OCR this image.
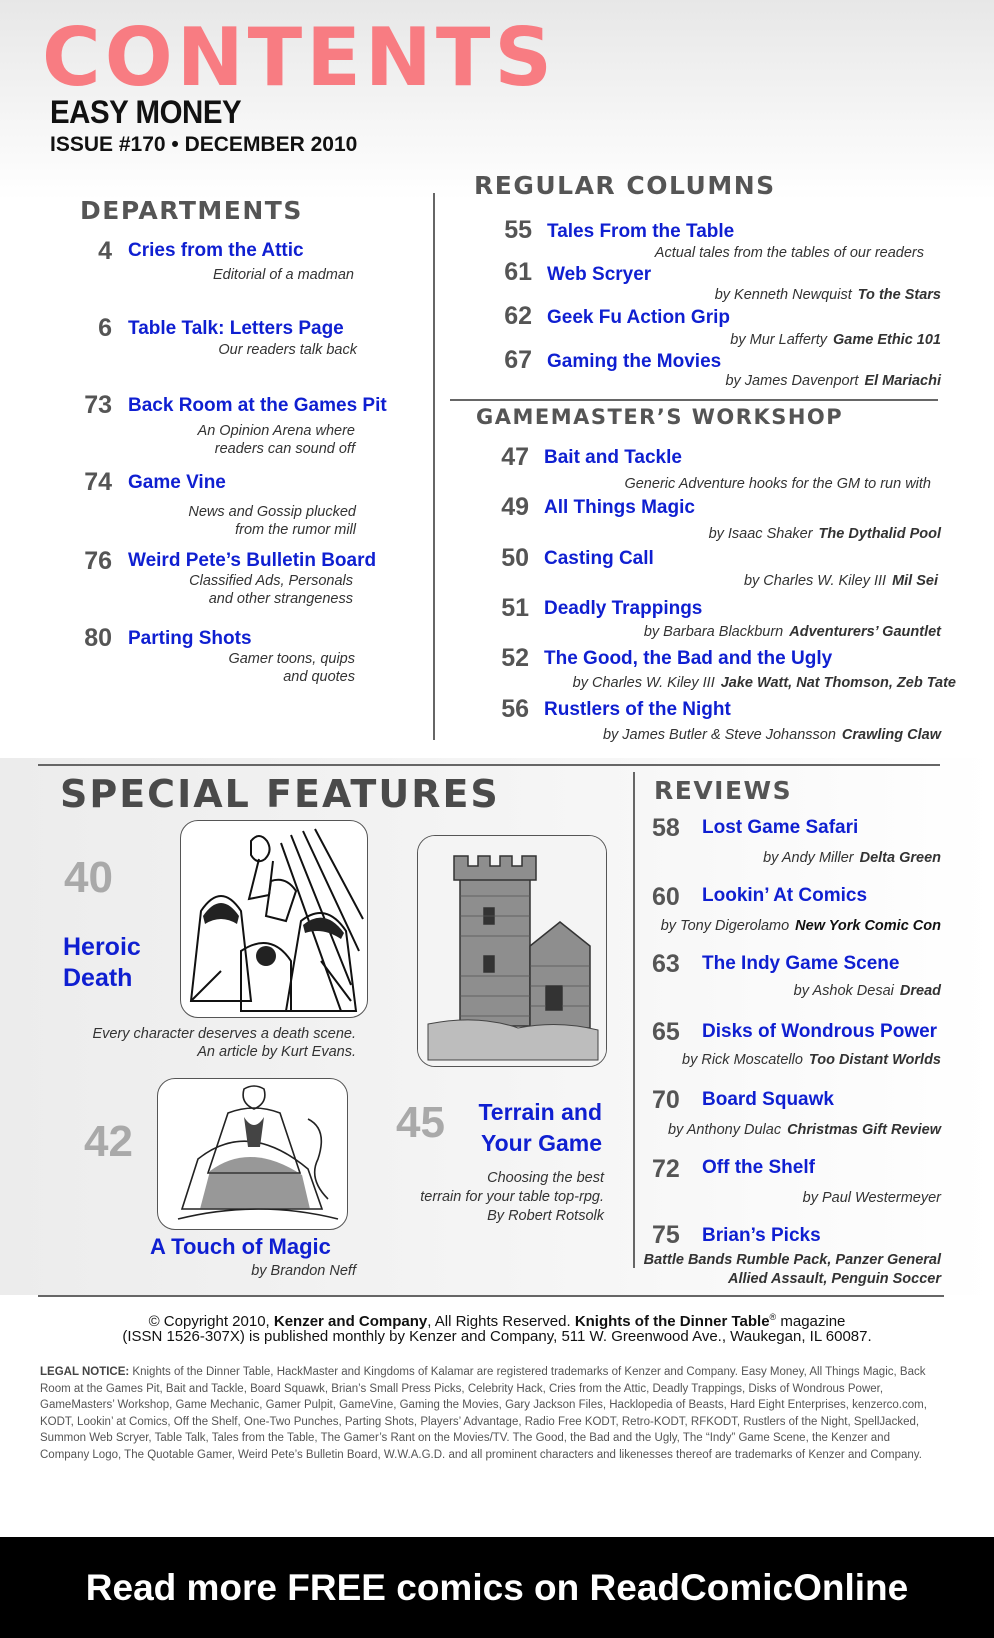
CONTENTS
EASY MONEY
ISSUE #170 • DECEMBER 2010
DEPARTMENTS
4 Cries from the Attic
Editorial of a madman
6 Table Talk: Letters Page
Our readers talk back
73 Back Room at the Games Pit
An Opinion Arena where
readers can sound off
74 Game Vine
News and Gossip plucked
from the rumor mill
76 Weird Pete’s Bulletin Board
Classified Ads, Personals
and other strangeness
80 Parting Shots
Gamer toons, quips
and quotes
REGULAR COLUMNS
55 Tales From the Table
Actual tales from the tables of our readers
61 Web Scryer
by Kenneth Newquist To the Stars
62 Geek Fu Action Grip
by Mur Lafferty Game Ethic 101
67 Gaming the Movies
by James Davenport El Mariachi
GAMEMASTER’S WORKSHOP
47 Bait and Tackle
Generic Adventure hooks for the GM to run with
49 All Things Magic
by Isaac Shaker The Dythalid Pool
50 Casting Call
by Charles W. Kiley III Mil Sei
51 Deadly Trappings
by Barbara Blackburn Adventurers’ Gauntlet
52 The Good, the Bad and the Ugly
by Charles W. Kiley III Jake Watt, Nat Thomson, Zeb Tate
56 Rustlers of the Night
by James Butler & Steve Johansson Crawling Claw
SPECIAL FEATURES
40
Heroic
Death
Every character deserves a death scene.
An article by Kurt Evans.
42
A Touch of Magic
by Brandon Neff
45 Terrain and
Your Game
Choosing the best
terrain for your table top-rpg.
By Robert Rotsolk
REVIEWS
58 Lost Game Safari
by Andy Miller Delta Green
60 Lookin’ At Comics
by Tony Digerolamo New York Comic Con
63 The Indy Game Scene
by Ashok Desai Dread
65 Disks of Wondrous Power
by Rick Moscatello Too Distant Worlds
70 Board Squawk
by Anthony Dulac Christmas Gift Review
72 Off the Shelf
by Paul Westermeyer
75 Brian’s Picks
Battle Bands Rumble Pack, Panzer General
Allied Assault, Penguin Soccer
© Copyright 2010, Kenzer and Company, All Rights Reserved. Knights of the Dinner Table® magazine
(ISSN 1526-307X) is published monthly by Kenzer and Company, 511 W. Greenwood Ave., Waukegan, IL 60087.
LEGAL NOTICE: Knights of the Dinner Table, HackMaster and Kingdoms of Kalamar are registered trademarks of Kenzer and Company. Easy Money, All Things Magic, Back Room at the Games Pit, Bait and Tackle, Board Squawk, Brian’s Small Press Picks, Celebrity Hack, Cries from the Attic, Deadly Trappings, Disks of Wondrous Power, GameMasters’ Workshop, Game Mechanic, Gamer Pulpit, GameVine, Gaming the Movies, Gary Jackson Files, Hacklopedia of Beasts, Hard Eight Enterprises, kenzerco.com, KODT, Lookin’ at Comics, Off the Shelf, One-Two Punches, Parting Shots, Players’ Advantage, Radio Free KODT, Retro-KODT, RFKODT, Rustlers of the Night, SpellJacked, Summon Web Scryer, Table Talk, Tales from the Table, The Gamer’s Rant on the Movies/TV. The Good, the Bad and the Ugly, The “Indy” Game Scene, the Kenzer and Company Logo, The Quotable Gamer, Weird Pete’s Bulletin Board, W.W.A.G.D. and all prominent characters and likenesses thereof are trademarks of Kenzer and Company.
Read more FREE comics on ReadComicOnline
